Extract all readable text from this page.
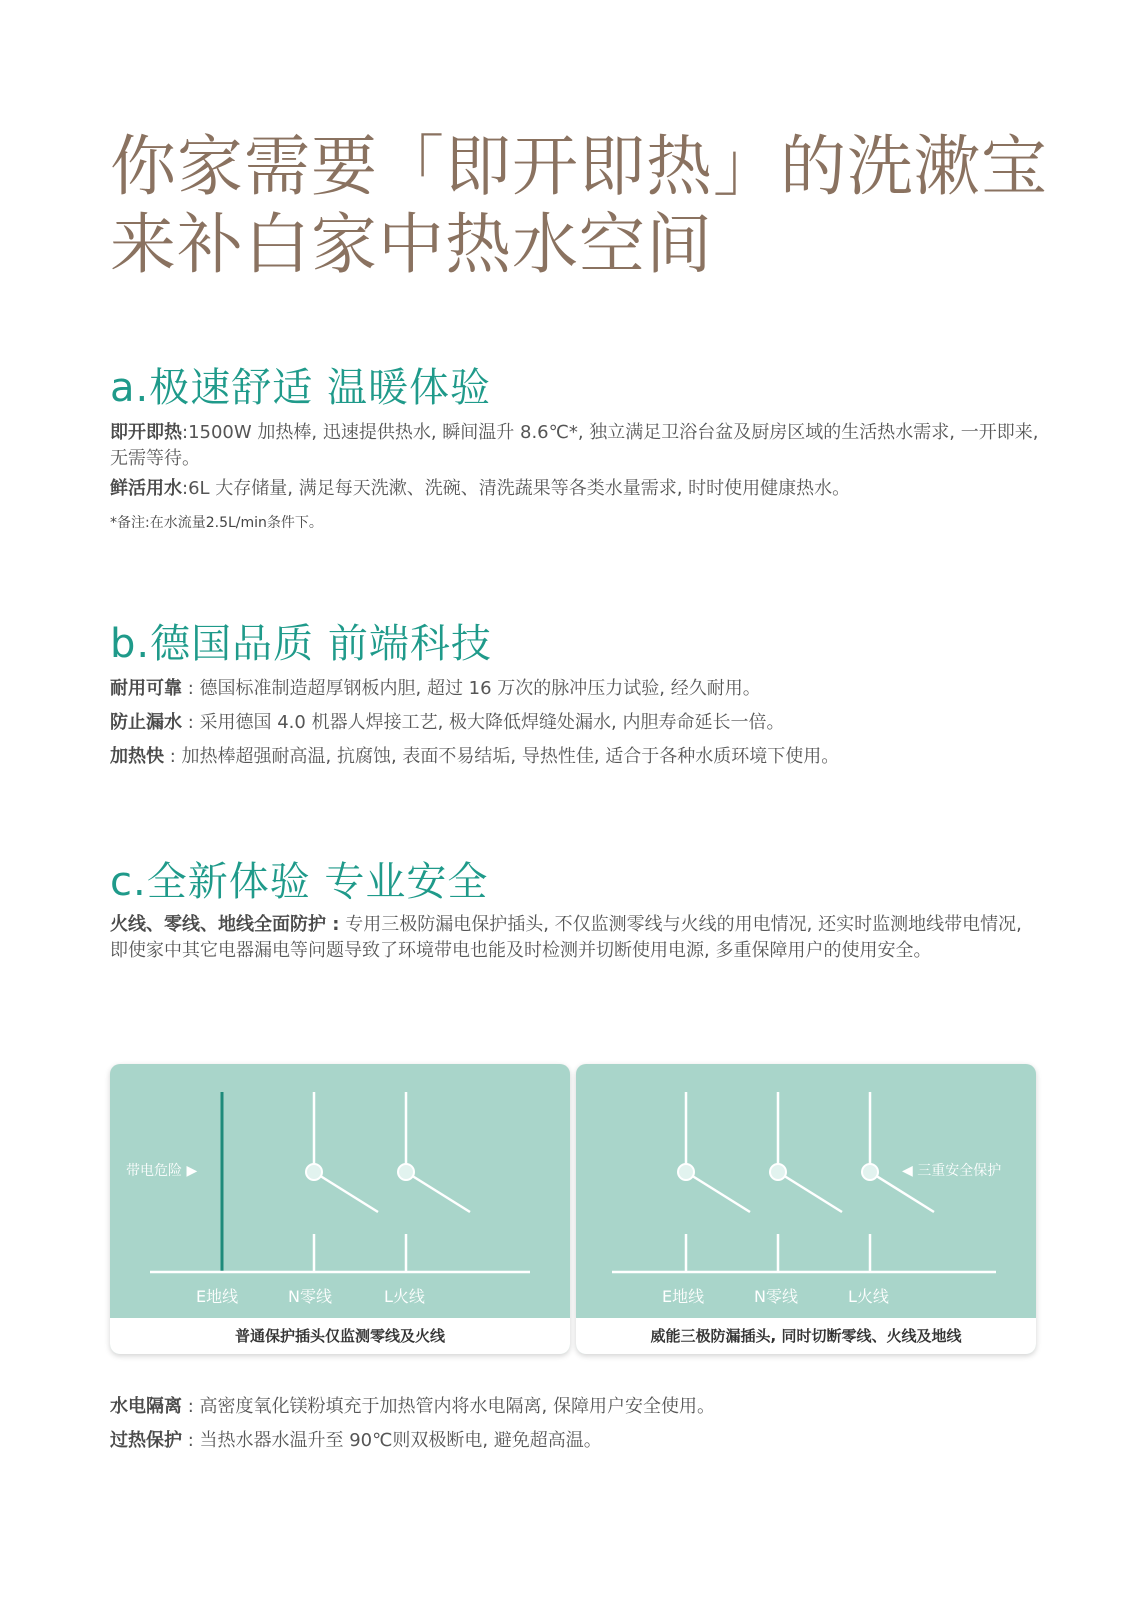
你家需要「即开即热」的洗漱宝
来补白家中热水空间
a.极速舒适 温暖体验
即开即热:1500W 加热棒, 迅速提供热水, 瞬间温升 8.6℃*, 独立满足卫浴台盆及厨房区域的生活热水需求, 一开即来, 无需等待。
鲜活用水:6L 大存储量, 满足每天洗漱、洗碗、清洗蔬果等各类水量需求, 时时使用健康热水。
*备注:在水流量2.5L/min条件下。
b.德国品质 前端科技
耐用可靠 : 德国标准制造超厚钢板内胆, 超过 16 万次的脉冲压力试验, 经久耐用。
防止漏水 : 采用德国 4.0 机器人焊接工艺, 极大降低焊缝处漏水, 内胆寿命延长一倍。
加热快 : 加热棒超强耐高温, 抗腐蚀, 表面不易结垢, 导热性佳, 适合于各种水质环境下使用。
c.全新体验 专业安全
火线、零线、地线全面防护 : 专用三极防漏电保护插头, 不仅监测零线与火线的用电情况, 还实时监测地线带电情况, 即使家中其它电器漏电等问题导致了环境带电也能及时检测并切断使用电源, 多重保障用户的使用安全。
带电危险 ▶
E地线	N零线	L火线
普通保护插头仅监测零线及火线
◀ 三重安全保护
E地线	N零线	L火线
威能三极防漏插头, 同时切断零线、火线及地线
水电隔离 : 高密度氧化镁粉填充于加热管内将水电隔离, 保障用户安全使用。
过热保护 : 当热水器水温升至 90℃则双极断电, 避免超高温。
